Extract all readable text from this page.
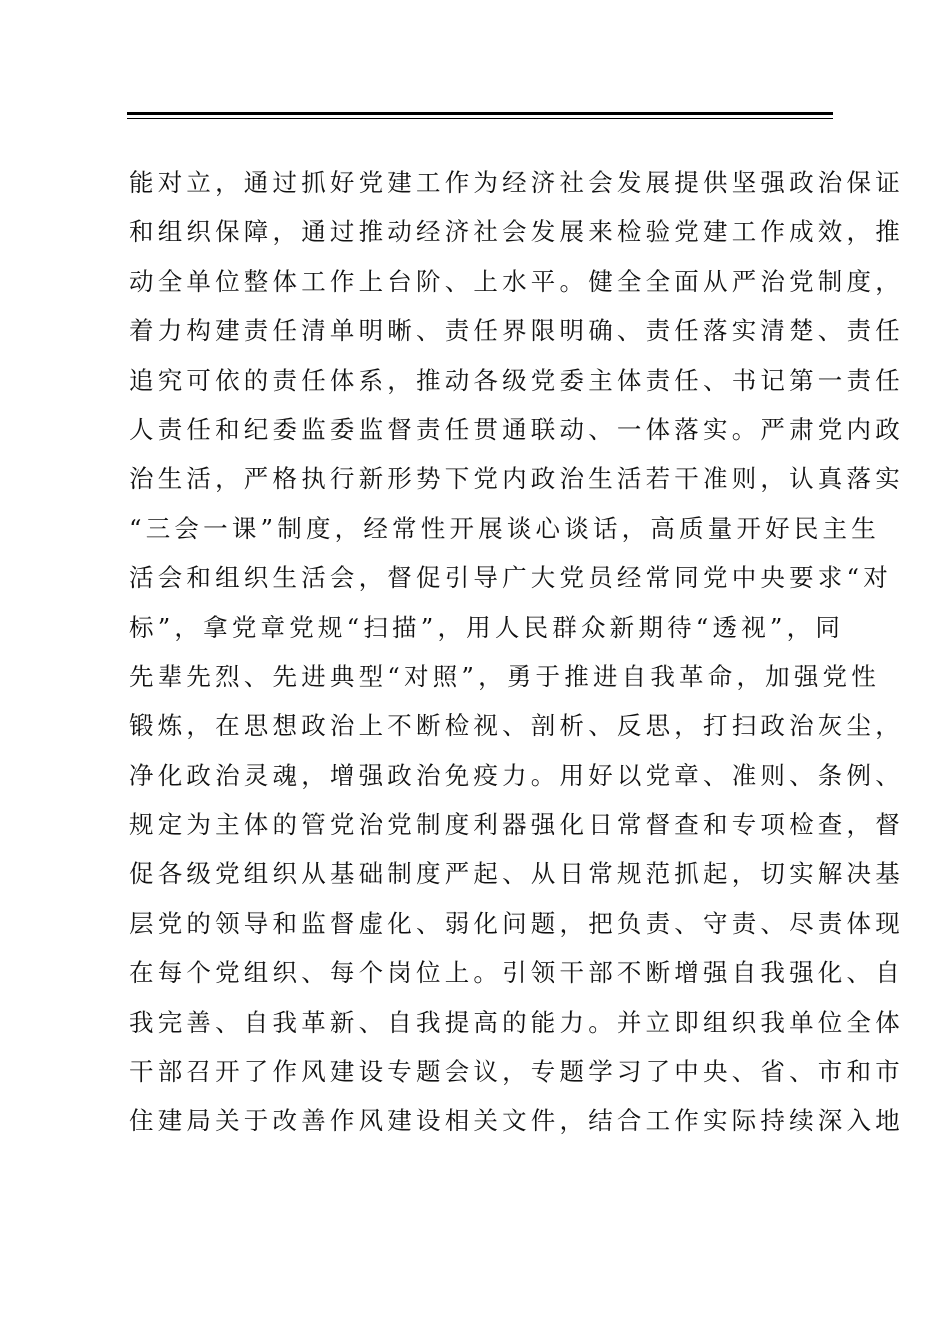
能对立，通过抓好党建工作为经济社会发展提供坚强政治保证
和组织保障，通过推动经济社会发展来检验党建工作成效，推
动全单位整体工作上台阶、上水平。健全全面从严治党制度，
着力构建责任清单明晰、责任界限明确、责任落实清楚、责任
追究可依的责任体系，推动各级党委主体责任、书记第一责任
人责任和纪委监委监督责任贯通联动、一体落实。严肃党内政
治生活，严格执行新形势下党内政治生活若干准则，认真落实
“三会一课”制度，经常性开展谈心谈话，高质量开好民主生
活会和组织生活会，督促引导广大党员经常同党中央要求“对
标”，拿党章党规“扫描”，用人民群众新期待“透视”，同
先辈先烈、先进典型“对照”，勇于推进自我革命，加强党性
锻炼，在思想政治上不断检视、剖析、反思，打扫政治灰尘，
净化政治灵魂，增强政治免疫力。用好以党章、准则、条例、
规定为主体的管党治党制度利器强化日常督查和专项检查，督
促各级党组织从基础制度严起、从日常规范抓起，切实解决基
层党的领导和监督虚化、弱化问题，把负责、守责、尽责体现
在每个党组织、每个岗位上。引领干部不断增强自我强化、自
我完善、自我革新、自我提高的能力。并立即组织我单位全体
干部召开了作风建设专题会议，专题学习了中央、省、市和市
住建局关于改善作风建设相关文件，结合工作实际持续深入地
